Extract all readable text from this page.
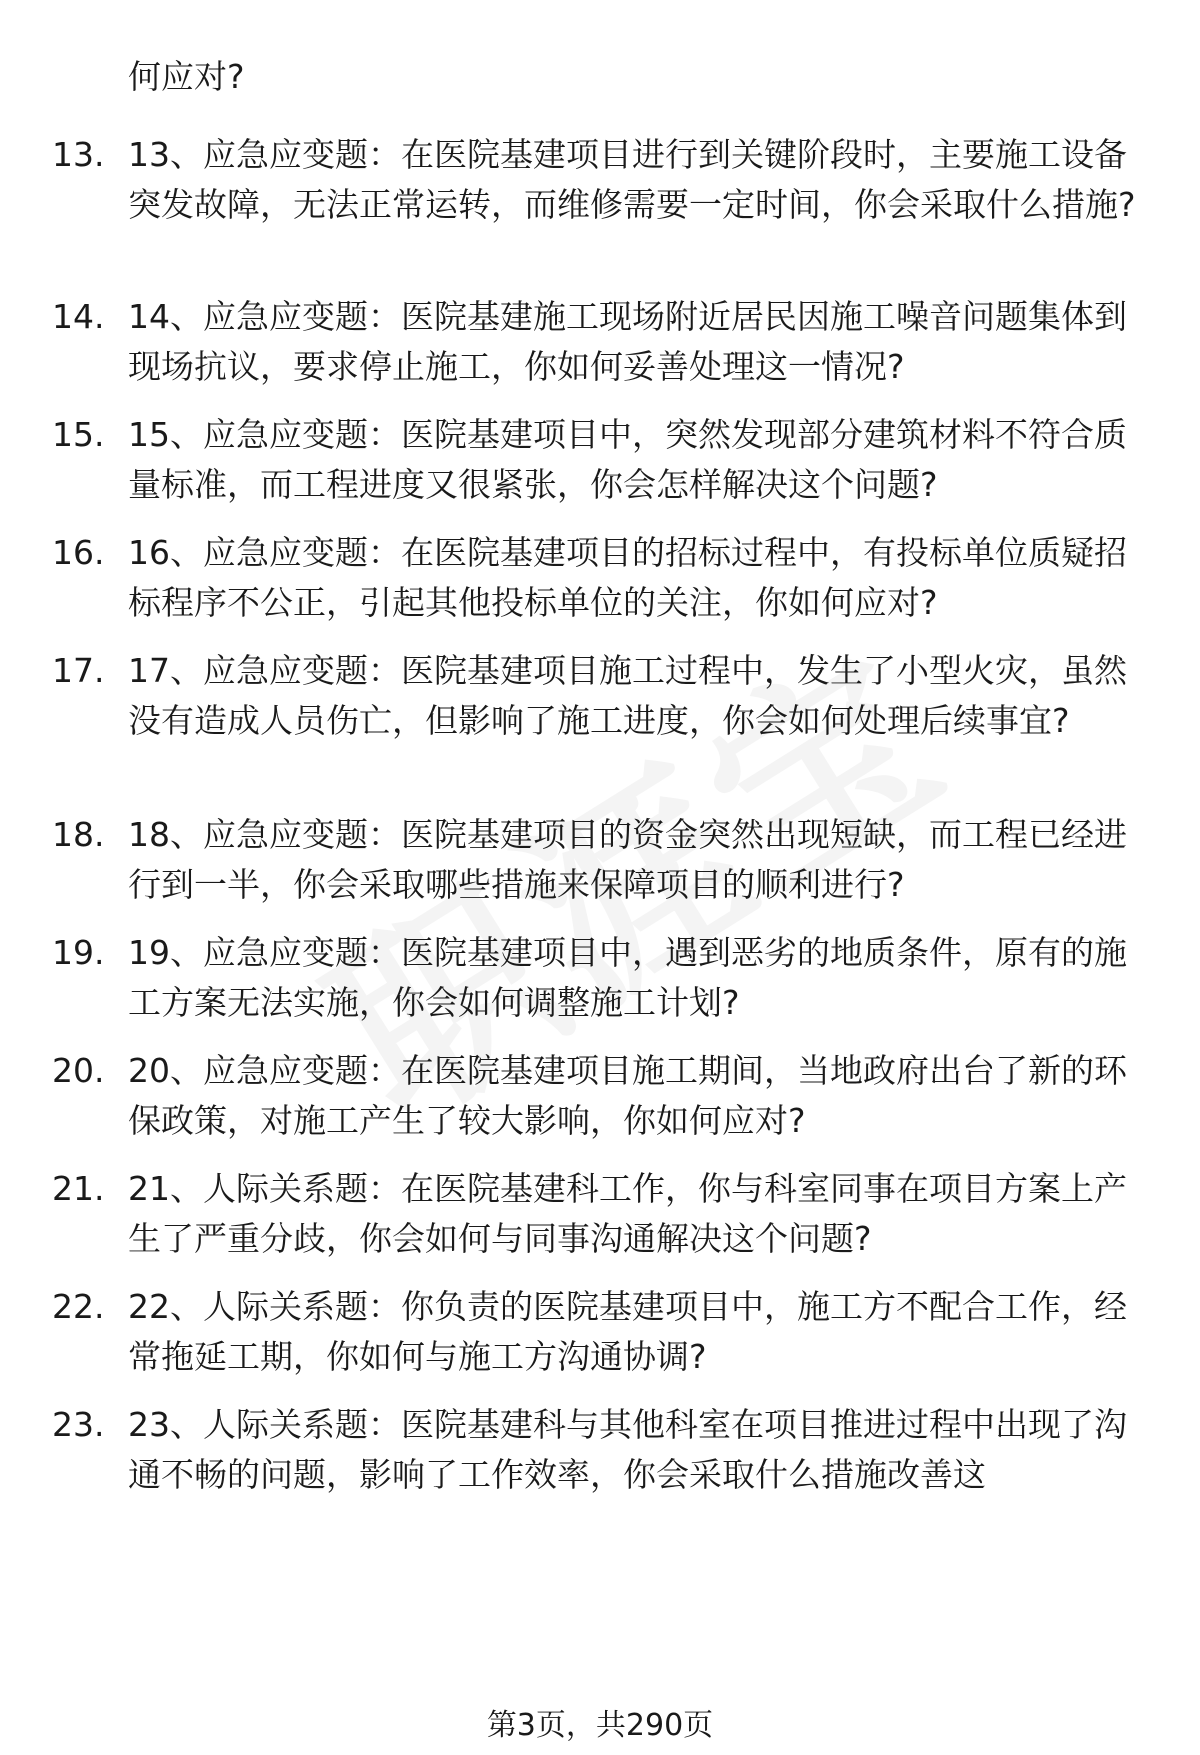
何应对?
13. 13、应急应变题：在医院基建项目进行到关键阶段时，主要施工设备突发故障，无法正常运转，而维修需要一定时间，你会采取什么措施?
14. 14、应急应变题：医院基建施工现场附近居民因施工噪音问题集体到现场抗议，要求停止施工，你如何妥善处理这一情况?
15. 15、应急应变题：医院基建项目中，突然发现部分建筑材料不符合质量标准，而工程进度又很紧张，你会怎样解决这个问题?
16. 16、应急应变题：在医院基建项目的招标过程中，有投标单位质疑招标程序不公正，引起其他投标单位的关注，你如何应对?
17. 17、应急应变题：医院基建项目施工过程中，发生了小型火灾，虽然没有造成人员伤亡，但影响了施工进度，你会如何处理后续事宜?
18. 18、应急应变题：医院基建项目的资金突然出现短缺，而工程已经进行到一半，你会采取哪些措施来保障项目的顺利进行?
19. 19、应急应变题：医院基建项目中，遇到恶劣的地质条件，原有的施工方案无法实施，你会如何调整施工计划?
20. 20、应急应变题：在医院基建项目施工期间，当地政府出台了新的环保政策，对施工产生了较大影响，你如何应对?
21. 21、人际关系题：在医院基建科工作，你与科室同事在项目方案上产生了严重分歧，你会如何与同事沟通解决这个问题?
22. 22、人际关系题：你负责的医院基建项目中，施工方不配合工作，经常拖延工期，你如何与施工方沟通协调?
23. 23、人际关系题：医院基建科与其他科室在项目推进过程中出现了沟通不畅的问题，影响了工作效率，你会采取什么措施改善这
第3页，共290页
